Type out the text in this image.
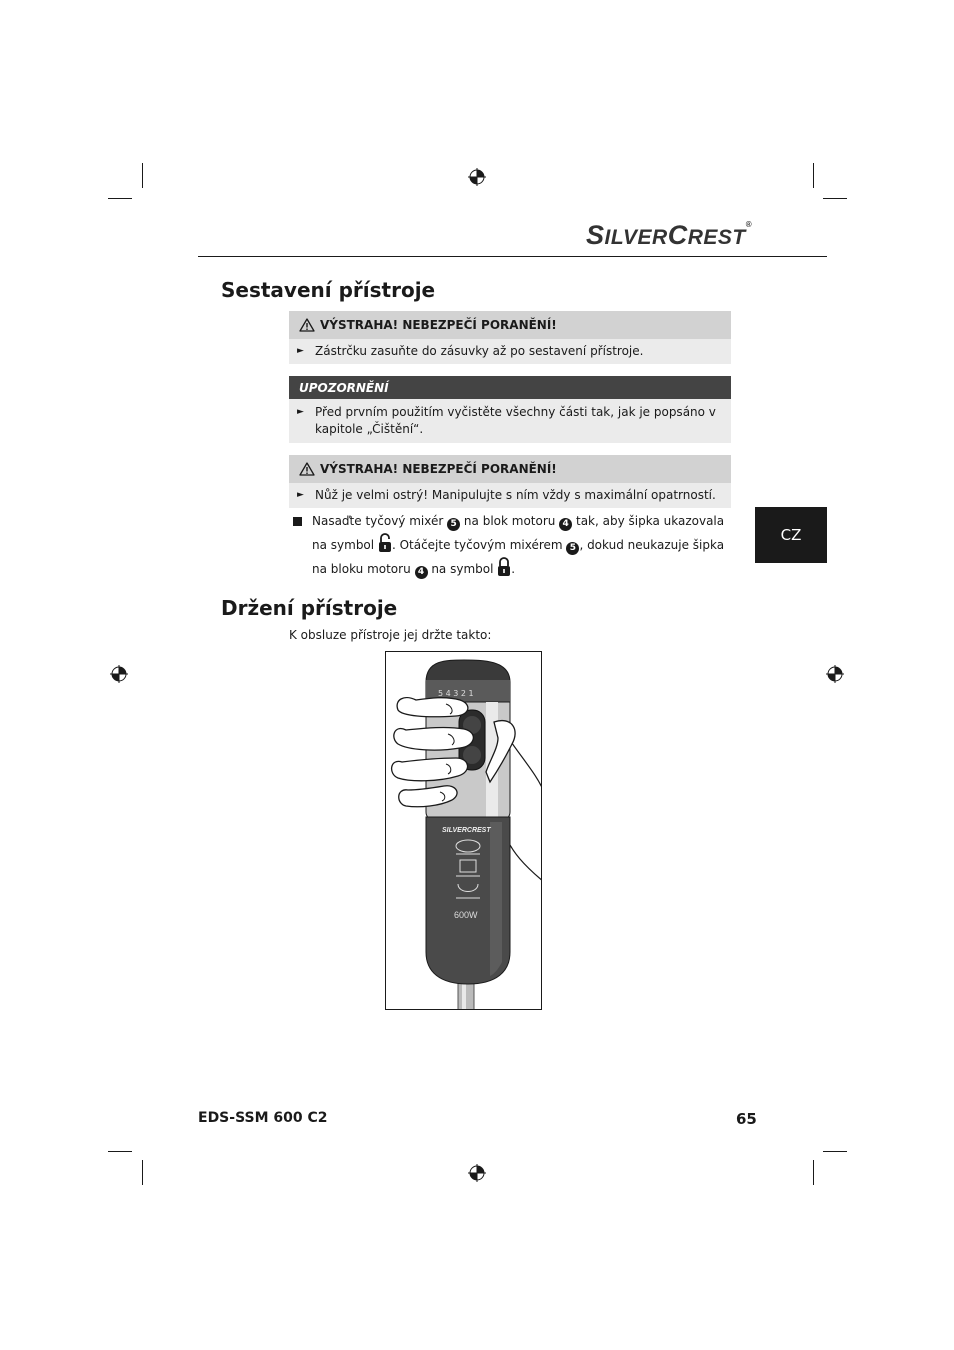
SILVERCREST®
Sestavení přístroje
VÝSTRAHA! NEBEZPEČÍ PORANĚNÍ!
► Zástrčku zasuňte do zásuvky až po sestavení přístroje.
UPOZORNĚNÍ
► Před prvním použitím vyčistěte všechny části tak, jak je popsáno v kapitole „Čištění“.
VÝSTRAHA! NEBEZPEČÍ PORANĚNÍ!
► Nůž je velmi ostrý! Manipulujte s ním vždy s maximální opatrností.
Nasaďte tyčový mixér 5 na blok motoru 4 tak, aby šipka ukazovala na symbol . Otáčejte tyčovým mixérem 5 , dokud neukazuje šipka na bloku motoru 4 na symbol .
CZ
Držení přístroje
K obsluze přístroje jej držte takto:
5 4 3 2 1
SILVERCREST
600W
EDS-SSM 600 C2	65
